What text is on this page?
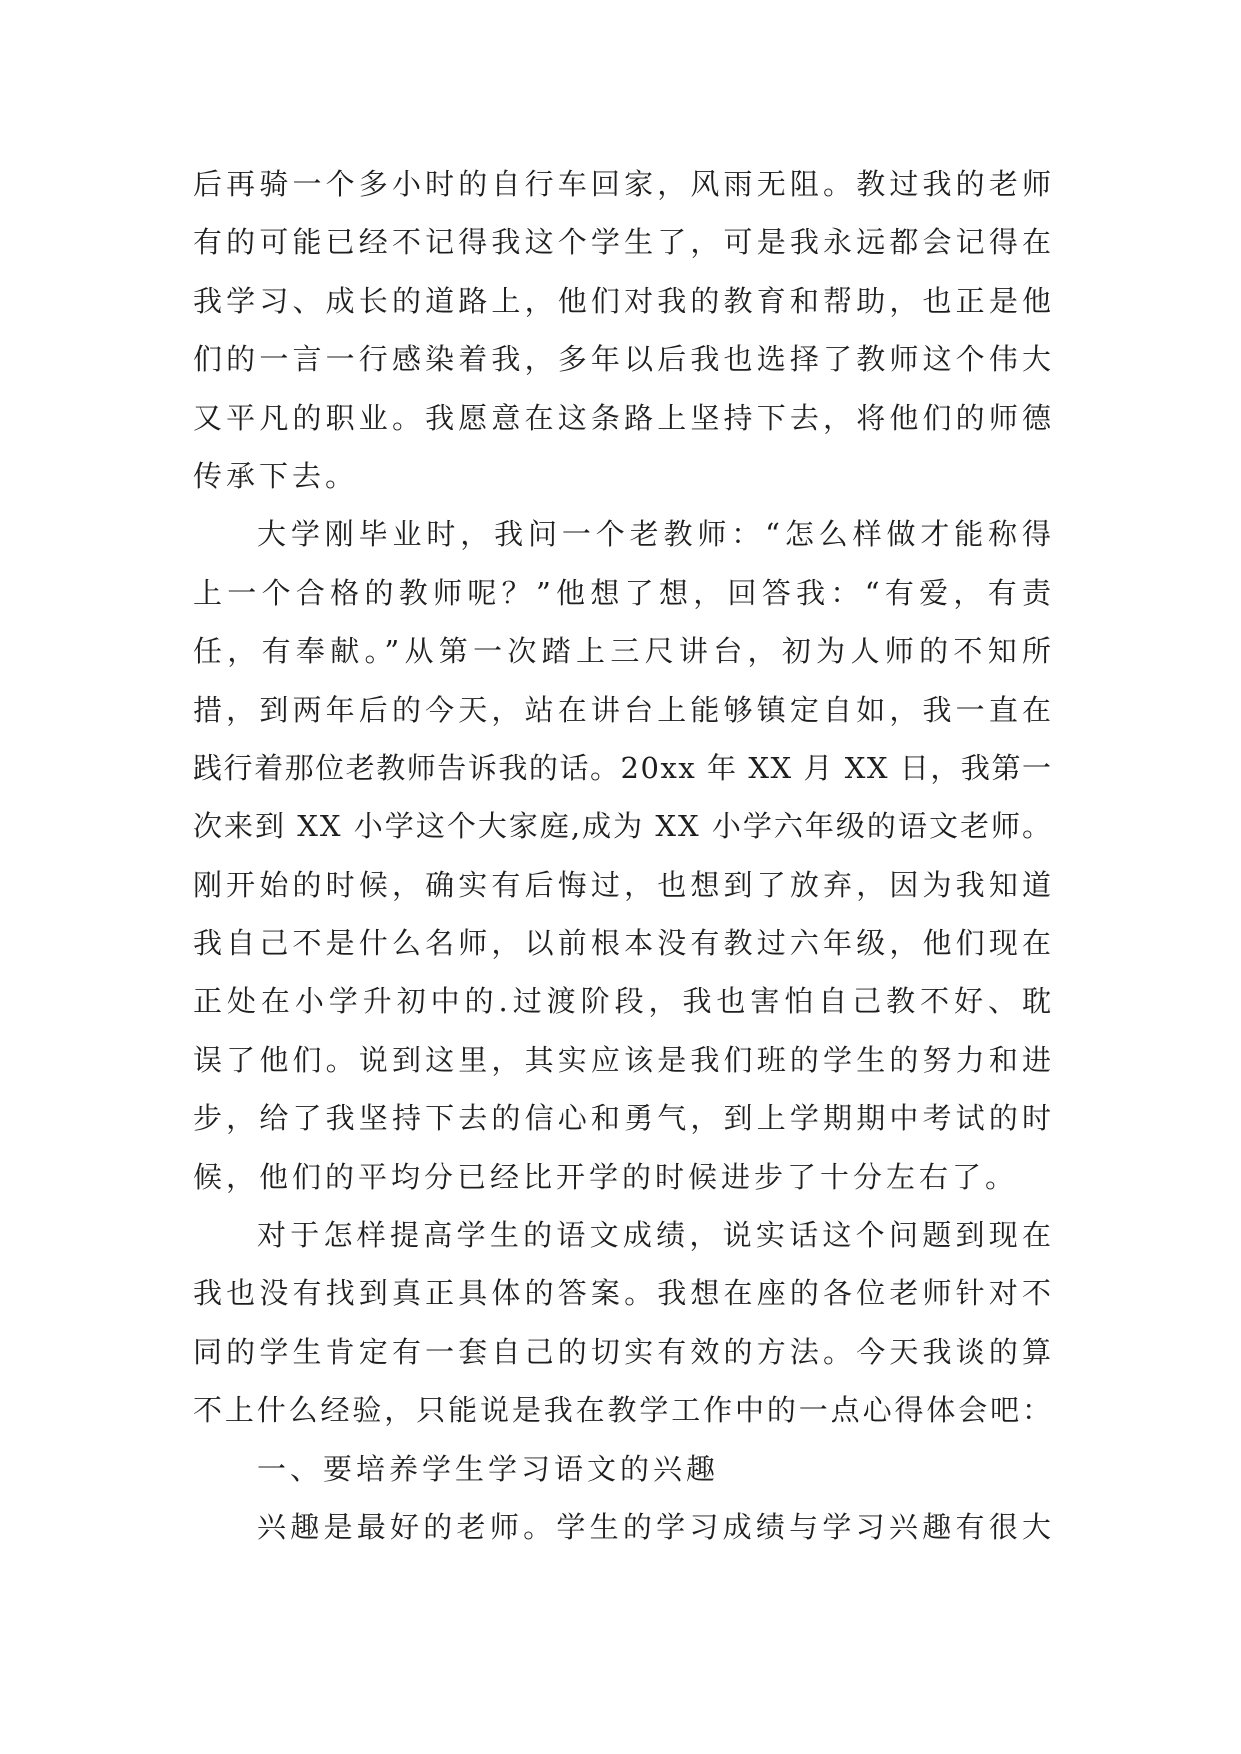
后再骑一个多小时的自行车回家，风雨无阻。教过我的老师
有的可能已经不记得我这个学生了，可是我永远都会记得在
我学习、成长的道路上，他们对我的教育和帮助，也正是他
们的一言一行感染着我，多年以后我也选择了教师这个伟大
又平凡的职业。我愿意在这条路上坚持下去，将他们的师德
传承下去。
大学刚毕业时，我问一个老教师：“怎么样做才能称得
上一个合格的教师呢？”他想了想，回答我：“有爱，有责
任，有奉献。”从第一次踏上三尺讲台，初为人师的不知所
措，到两年后的今天，站在讲台上能够镇定自如，我一直在
践行着那位老教师告诉我的话。20xx 年 XX 月 XX 日，我第一
次来到 XX 小学这个大家庭,成为 XX 小学六年级的语文老师。
刚开始的时候，确实有后悔过，也想到了放弃，因为我知道
我自己不是什么名师，以前根本没有教过六年级，他们现在
正处在小学升初中的.过渡阶段，我也害怕自己教不好、耽
误了他们。说到这里，其实应该是我们班的学生的努力和进
步，给了我坚持下去的信心和勇气，到上学期期中考试的时
候，他们的平均分已经比开学的时候进步了十分左右了。
对于怎样提高学生的语文成绩，说实话这个问题到现在
我也没有找到真正具体的答案。我想在座的各位老师针对不
同的学生肯定有一套自己的切实有效的方法。今天我谈的算
不上什么经验，只能说是我在教学工作中的一点心得体会吧：
一、要培养学生学习语文的兴趣
兴趣是最好的老师。学生的学习成绩与学习兴趣有很大
